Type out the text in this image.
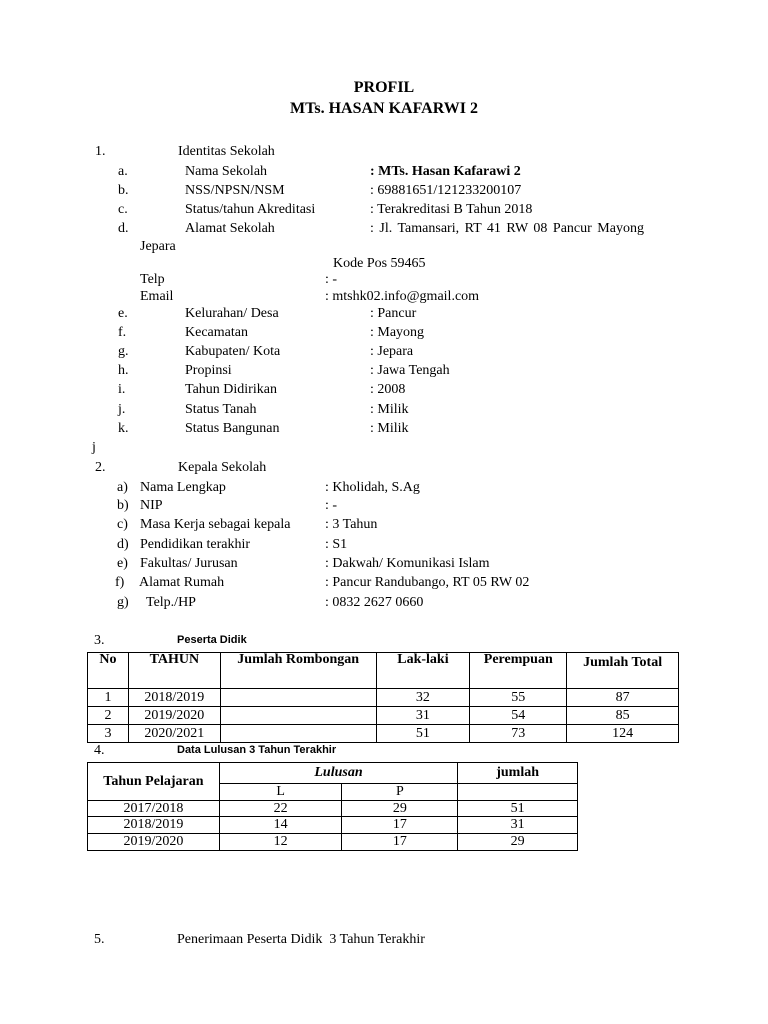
PROFIL
MTs. HASAN KAFARWI 2
1.	Identitas Sekolah
a.	Nama Sekolah	: MTs. Hasan Kafarawi 2
b.	NSS/NPSN/NSM	: 69881651/121233200107
c.	Status/tahun Akreditasi	: Terakreditasi B Tahun 2018
d.	Alamat Sekolah	: Jl. Tamansari, RT 41 RW 08 Pancur Mayong
Jepara
Kode Pos 59465
Telp	: -
Email	: mtshk02.info@gmail.com
e.	Kelurahan/ Desa	: Pancur
f.	Kecamatan	: Mayong
g.	Kabupaten/ Kota	: Jepara
h.	Propinsi	: Jawa Tengah
i.	Tahun Didirikan	: 2008
j.	Status Tanah	: Milik
k.	Status Bangunan	: Milik
j
2.	Kepala Sekolah
a) Nama Lengkap	: Kholidah, S.Ag
b) NIP	: -
c) Masa Kerja sebagai kepala : 3 Tahun
d) Pendidikan terakhir	: S1
e) Fakultas/ Jurusan	: Dakwah/ Komunikasi Islam
f) Alamat Rumah	: Pancur Randubango, RT 05 RW 02
g) Telp./HP	: 0832 2627 0660
3.	Peserta Didik
No	TAHUN	Jumlah Rombongan	Lak-laki	Perempuan	Jumlah Total
1	2018/2019		32	55	87
2	2019/2020		31	54	85
3	2020/2021		51	73	124
4.	Data Lulusan 3 Tahun Terakhir
Tahun Pelajaran	Lulusan		jumlah
	L	P	
2017/2018	22	29	51
2018/2019	14	17	31
2019/2020	12	17	29
5.	Penerimaan Peserta Didik  3 Tahun Terakhir
